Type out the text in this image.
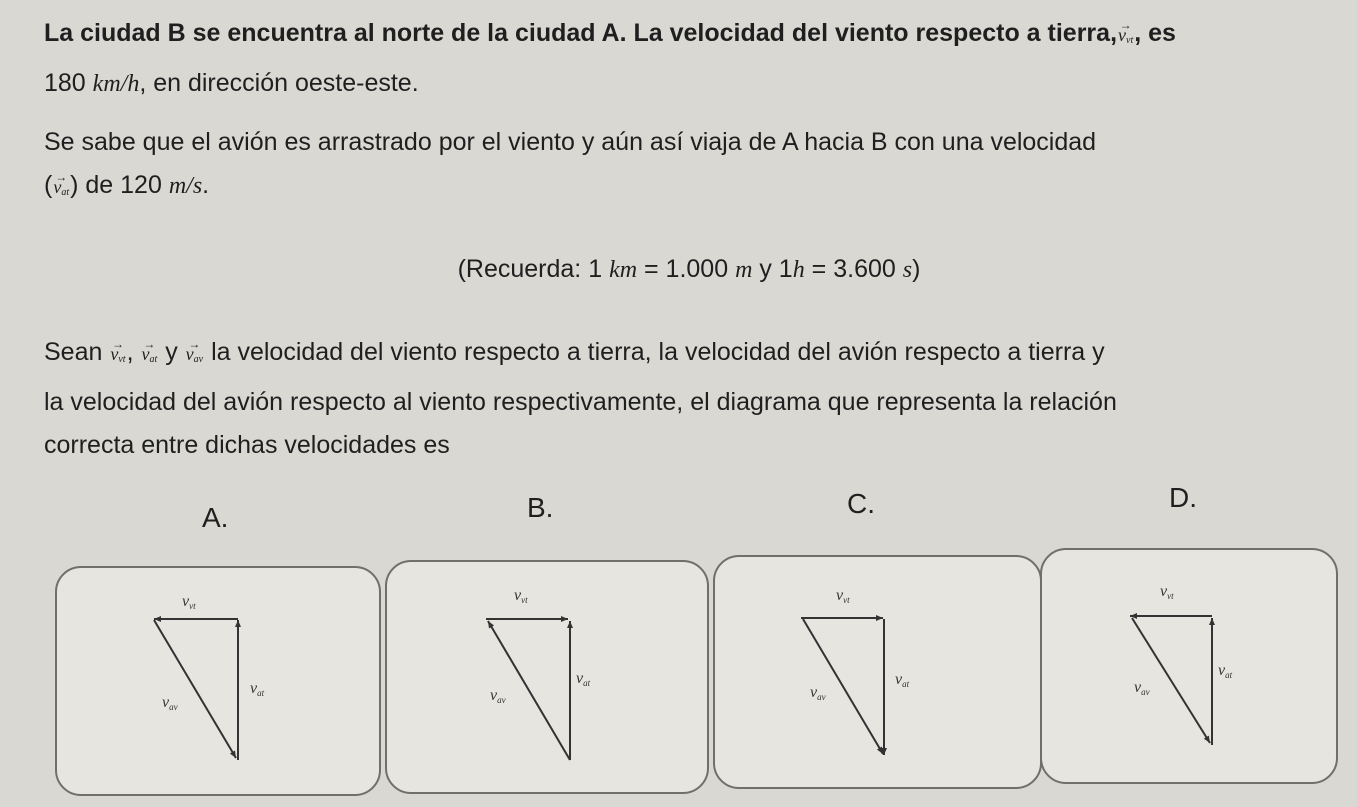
La ciudad B se encuentra al norte de la ciudad A. La velocidad del viento respecto a tierra,→ $v_{vt}$, es
180 km/h, en dirección oeste-este.
Se sabe que el avión es arrastrado por el viento y aún así viaja de A hacia B con una velocidad
(→ $v_{at}$) de 120 m/s.
(Recuerda: 1 km = 1.000 m y 1h = 3.600 s)
Sean → $v_{vt}$, → $v_{at}$ $y \to v_{av}$ la velocidad del viento respecto a tierra, la velocidad del avión respecto a tierra y
la velocidad del avión respecto al viento respectivamente, el diagrama que representa la relación
correcta entre dichas velocidades es
A.	B.	C.	D.
vvt
vat
vav
vvt
vat
vav
vvt
vat
vav
vvt
vat
vav
